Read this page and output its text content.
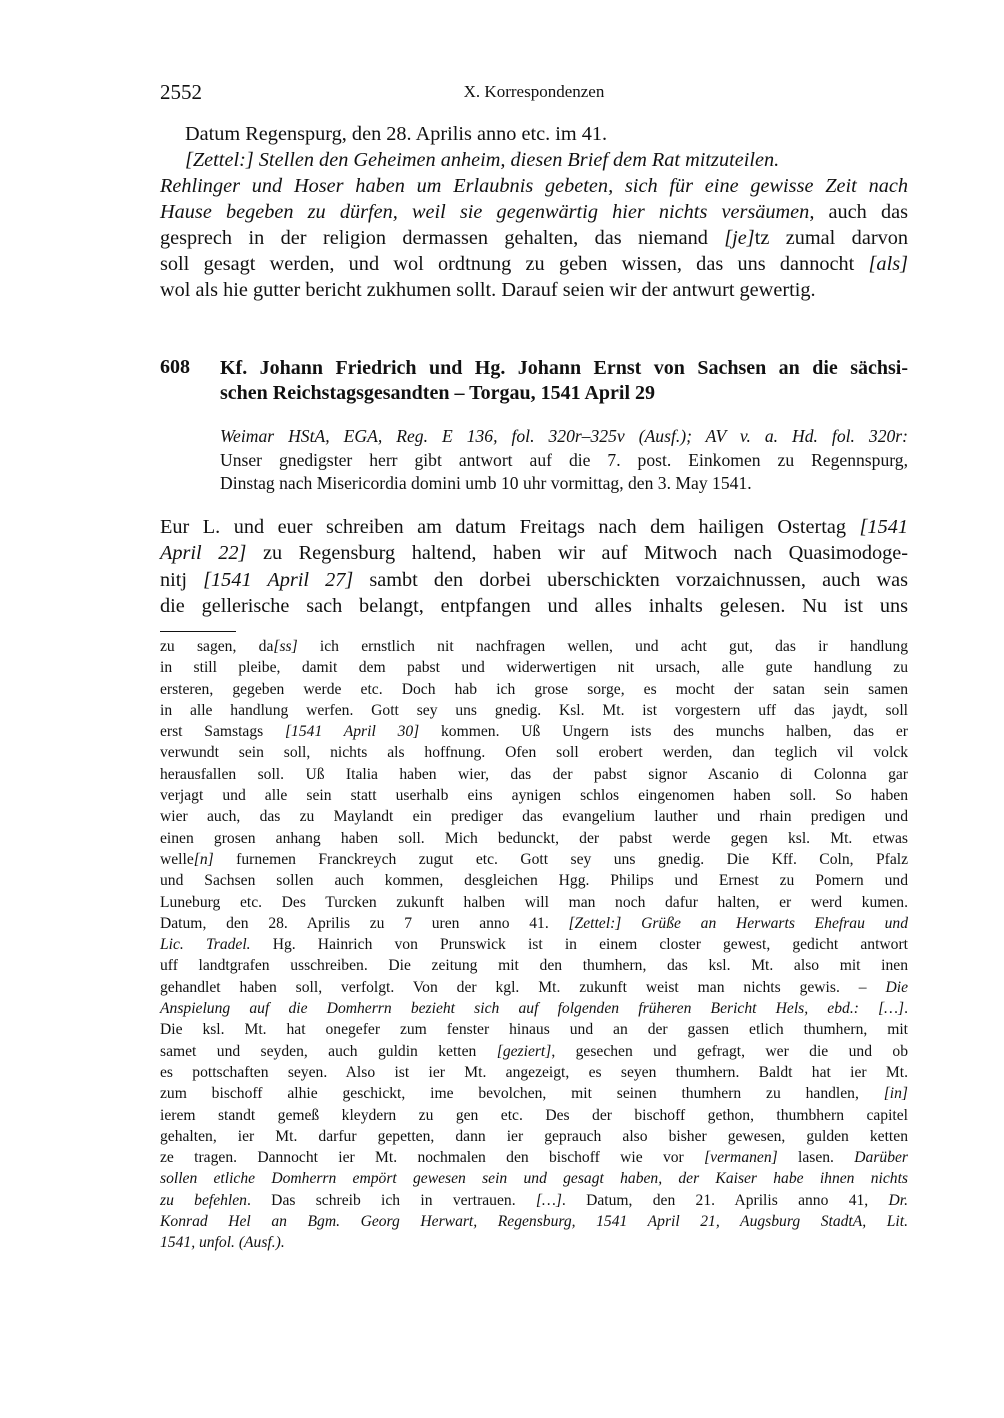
2552	X. Korrespondenzen
Datum Regenspurg, den 28. Aprilis anno etc. im 41.
[Zettel:] Stellen den Geheimen anheim, diesen Brief dem Rat mitzuteilen.
Rehlinger und Hoser haben um Erlaubnis gebeten, sich für eine gewisse Zeit nach
Hause begeben zu dürfen, weil sie gegenwärtig hier nichts versäumen, auch das
gesprech in der religion dermassen gehalten, das niemand [je]tz zumal darvon
soll gesagt werden, und wol ordtnung zu geben wissen, das uns dannocht [als]
wol als hie gutter bericht zukhumen sollt. Darauf seien wir der antwurt gewertig.
608 Kf. Johann Friedrich und Hg. Johann Ernst von Sachsen an die sächsi-
schen Reichstagsgesandten – Torgau, 1541 April 29
Weimar HStA, EGA, Reg. E 136, fol. 320r–325v (Ausf.); AV v. a. Hd. fol. 320r:
Unser gnedigster herr gibt antwort auf die 7. post. Einkomen zu Regennspurg,
Dinstag nach Misericordia domini umb 10 uhr vormittag, den 3. May 1541.
Eur L. und euer schreiben am datum Freitags nach dem hailigen Ostertag [1541
April 22] zu Regensburg haltend, haben wir auf Mitwoch nach Quasimodoge-
nitj [1541 April 27] sambt den dorbei uberschickten vorzaichnussen, auch was
die gellerische sach belangt, entpfangen und alles inhalts gelesen. Nu ist uns
zu sagen, da[ss] ich ernstlich nit nachfragen wellen, und acht gut, das ir handlung
in still pleibe, damit dem pabst und widerwertigen nit ursach, alle gute handlung zu
ersteren, gegeben werde etc. Doch hab ich grose sorge, es mocht der satan sein samen
in alle handlung werfen. Gott sey uns gnedig. Ksl. Mt. ist vorgestern uff das jaydt, soll
erst Samstags [1541 April 30] kommen. Uß Ungern ists des munchs halben, das er
verwundt sein soll, nichts als hoffnung. Ofen soll erobert werden, dan teglich vil volck
herausfallen soll. Uß Italia haben wier, das der pabst signor Ascanio di Colonna gar
verjagt und alle sein statt userhalb eins aynigen schlos eingenomen haben soll. So haben
wier auch, das zu Maylandt ein prediger das evangelium lauther und rhain predigen und
einen grosen anhang haben soll. Mich bedunckt, der pabst werde gegen ksl. Mt. etwas
welle[n] furnemen Franckreych zugut etc. Gott sey uns gnedig. Die Kff. Coln, Pfalz
und Sachsen sollen auch kommen, desgleichen Hgg. Philips und Ernest zu Pomern und
Luneburg etc. Des Turcken zukunft halben will man noch dafur halten, er werd kumen.
Datum, den 28. Aprilis zu 7 uren anno 41. [Zettel:] Grüße an Herwarts Ehefrau und
Lic. Tradel. Hg. Hainrich von Prunswick ist in einem closter gewest, gedicht antwort
uff landtgrafen usschreiben. Die zeitung mit den thumhern, das ksl. Mt. also mit inen
gehandlet haben soll, verfolgt. Von der kgl. Mt. zukunft weist man nichts gewis. – Die
Anspielung auf die Domherrn bezieht sich auf folgenden früheren Bericht Hels, ebd.: […].
Die ksl. Mt. hat onegefer zum fenster hinaus und an der gassen etlich thumhern, mit
samet und seyden, auch guldin ketten [geziert], gesechen und gefragt, wer die und ob
es pottschaften seyen. Also ist ier Mt. angezeigt, es seyen thumhern. Baldt hat ier Mt.
zum bischoff alhie geschickt, ime bevolchen, mit seinen thumhern zu handlen, [in]
ierem standt gemeß kleydern zu gen etc. Des der bischoff gethon, thumbhern capitel
gehalten, ier Mt. darfur gepetten, dann ier geprauch also bisher gewesen, gulden ketten
ze tragen. Dannocht ier Mt. nochmalen den bischoff wie vor [vermanen] lasen. Darüber
sollen etliche Domherrn empört gewesen sein und gesagt haben, der Kaiser habe ihnen nichts
zu befehlen. Das schreib ich in vertrauen. […]. Datum, den 21. Aprilis anno 41, Dr.
Konrad Hel an Bgm. Georg Herwart, Regensburg, 1541 April 21, Augsburg StadtA, Lit.
1541, unfol. (Ausf.).
